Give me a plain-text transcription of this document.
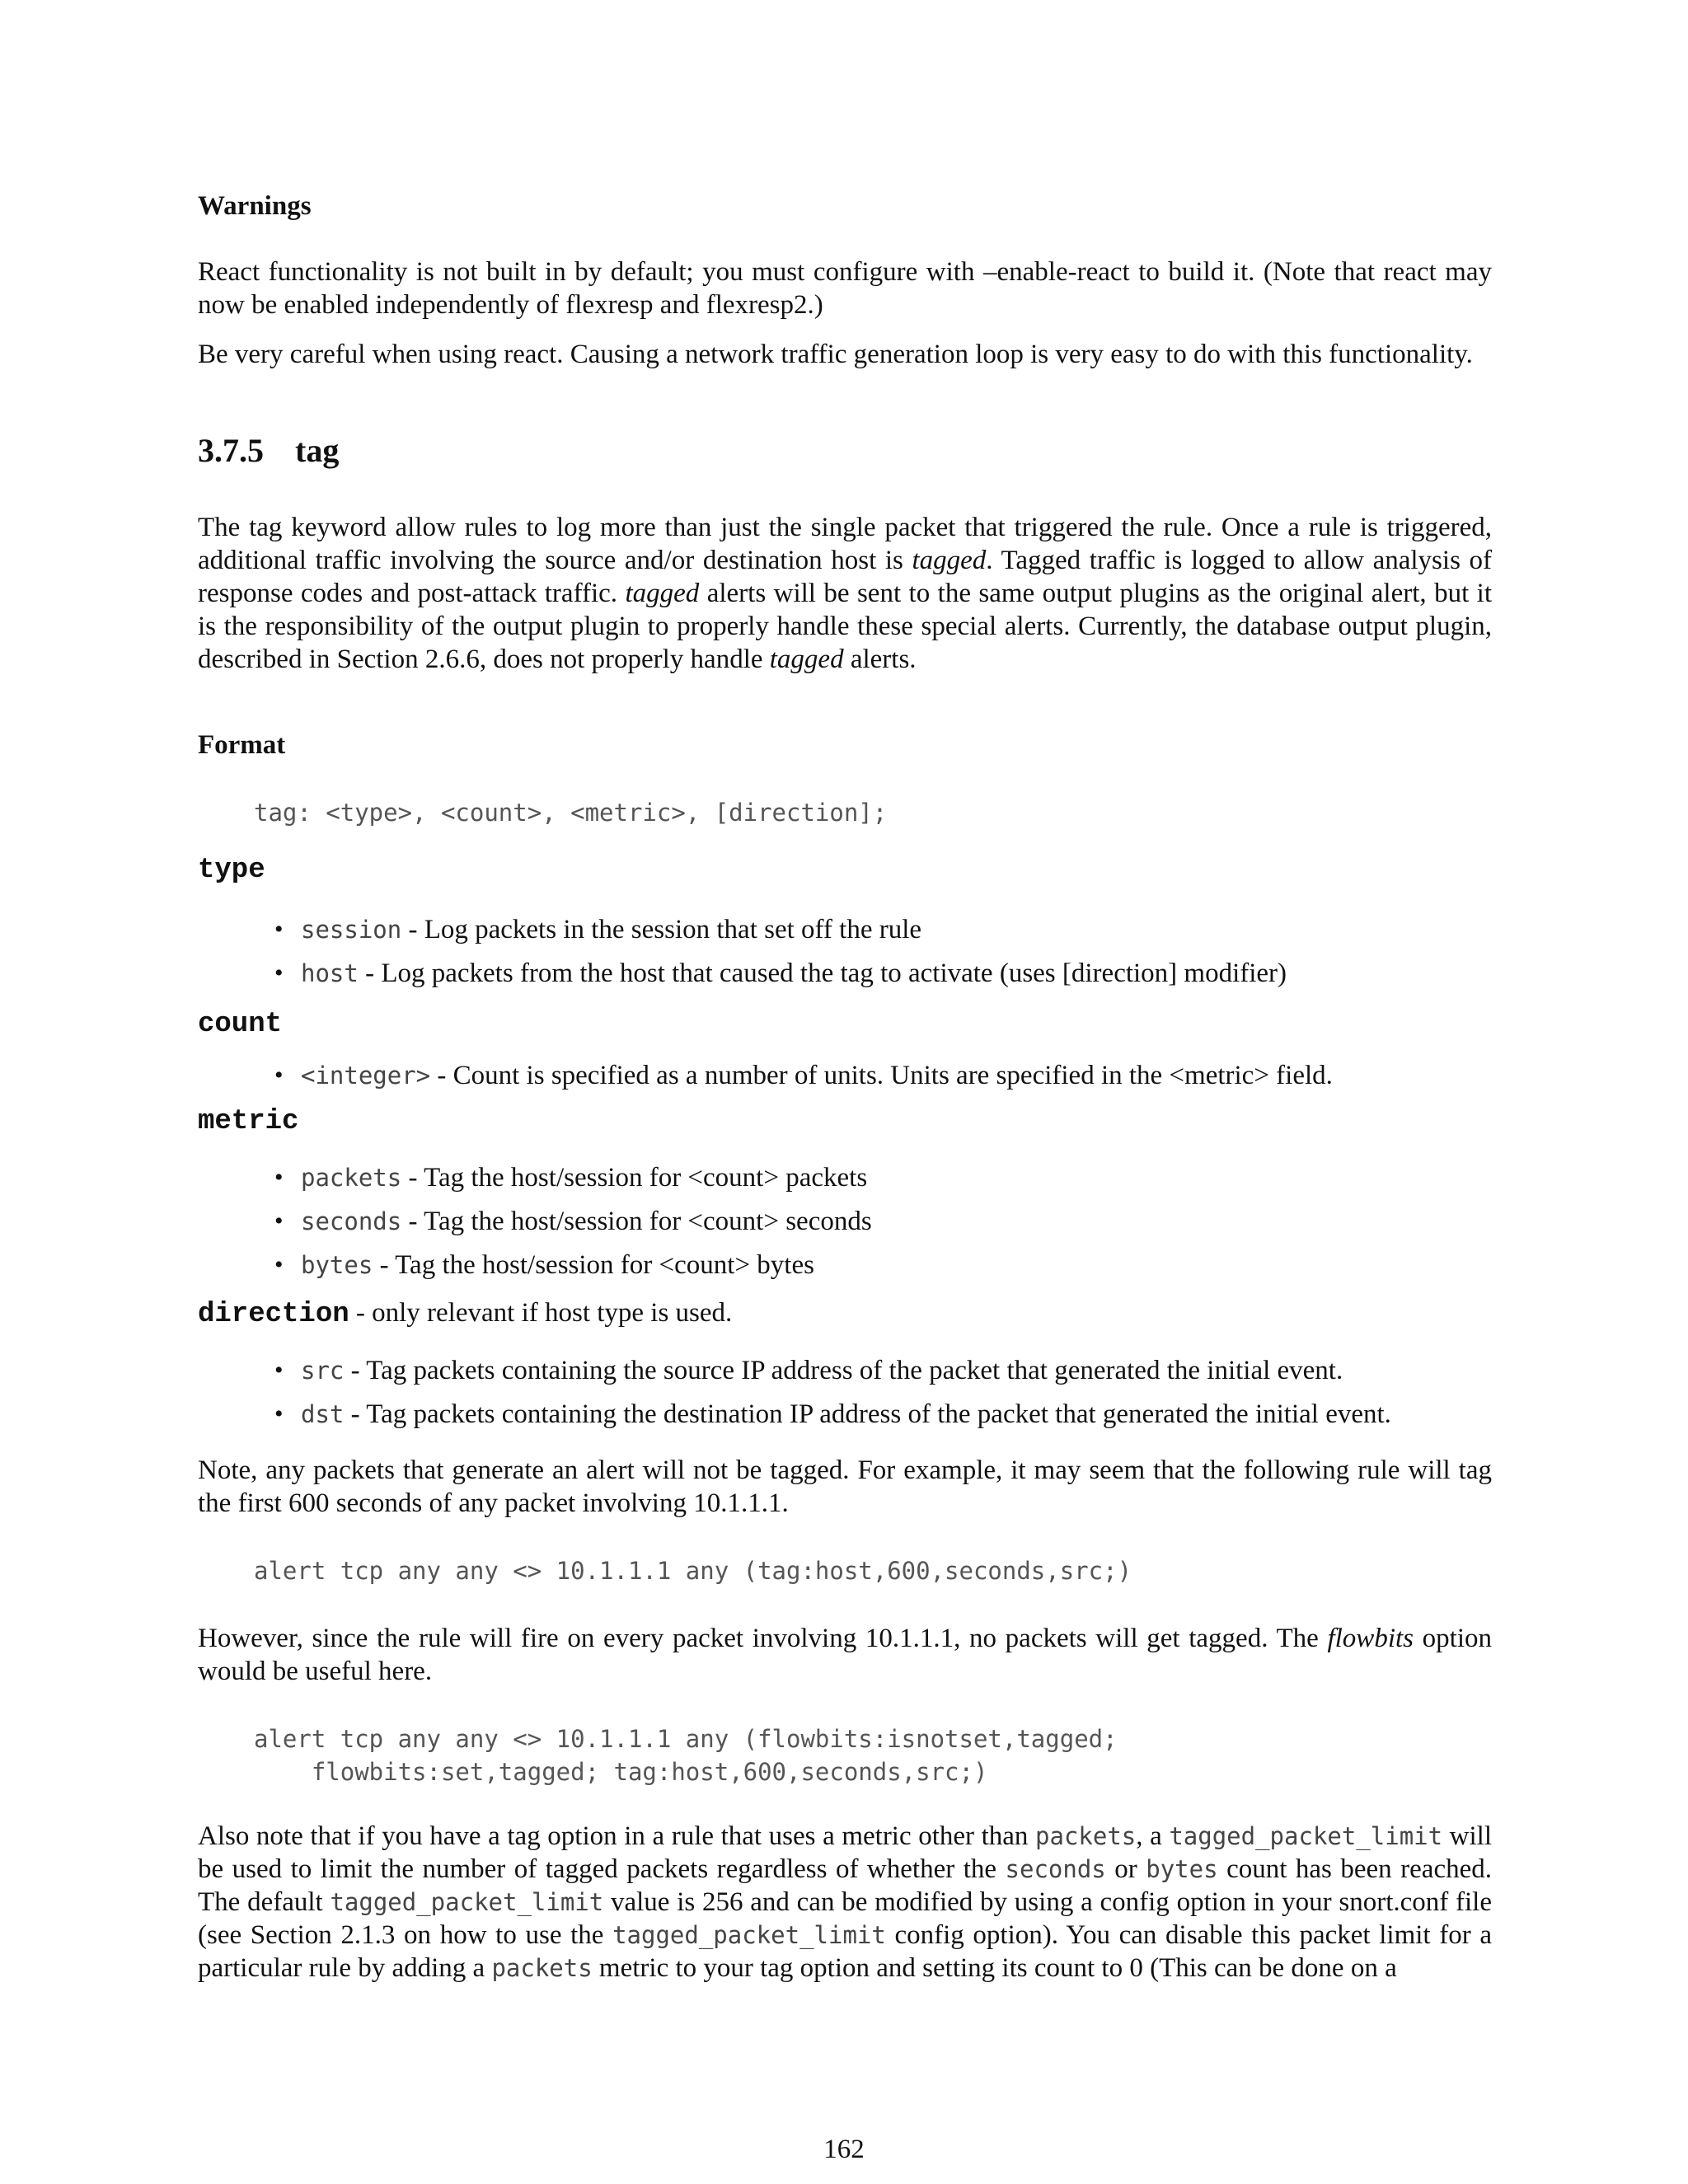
Warnings

React functionality is not built in by default; you must configure with –enable-react to build it. (Note that react may now be enabled independently of flexresp and flexresp2.)

Be very careful when using react. Causing a network traffic generation loop is very easy to do with this functionality.

3.7.5 tag

The tag keyword allow rules to log more than just the single packet that triggered the rule. Once a rule is triggered, additional traffic involving the source and/or destination host is tagged. Tagged traffic is logged to allow analysis of response codes and post-attack traffic. tagged alerts will be sent to the same output plugins as the original alert, but it is the responsibility of the output plugin to properly handle these special alerts. Currently, the database output plugin, described in Section 2.6.6, does not properly handle tagged alerts.

Format

tag: <type>, <count>, <metric>, [direction];

type

• session - Log packets in the session that set off the rule
• host - Log packets from the host that caused the tag to activate (uses [direction] modifier)

count

• <integer> - Count is specified as a number of units. Units are specified in the <metric> field.

metric

• packets - Tag the host/session for <count> packets
• seconds - Tag the host/session for <count> seconds
• bytes - Tag the host/session for <count> bytes

direction - only relevant if host type is used.

• src - Tag packets containing the source IP address of the packet that generated the initial event.
• dst - Tag packets containing the destination IP address of the packet that generated the initial event.

Note, any packets that generate an alert will not be tagged. For example, it may seem that the following rule will tag the first 600 seconds of any packet involving 10.1.1.1.

alert tcp any any <> 10.1.1.1 any (tag:host,600,seconds,src;)

However, since the rule will fire on every packet involving 10.1.1.1, no packets will get tagged. The flowbits option would be useful here.

alert tcp any any <> 10.1.1.1 any (flowbits:isnotset,tagged;

flowbits:set,tagged; tag:host,600,seconds,src;)

Also note that if you have a tag option in a rule that uses a metric other than packets, a tagged_packet_limit will be used to limit the number of tagged packets regardless of whether the seconds or bytes count has been reached. The default tagged_packet_limit value is 256 and can be modified by using a config option in your snort.conf file (see Section 2.1.3 on how to use the tagged_packet_limit config option). You can disable this packet limit for a particular rule by adding a packets metric to your tag option and setting its count to 0 (This can be done on a

162
